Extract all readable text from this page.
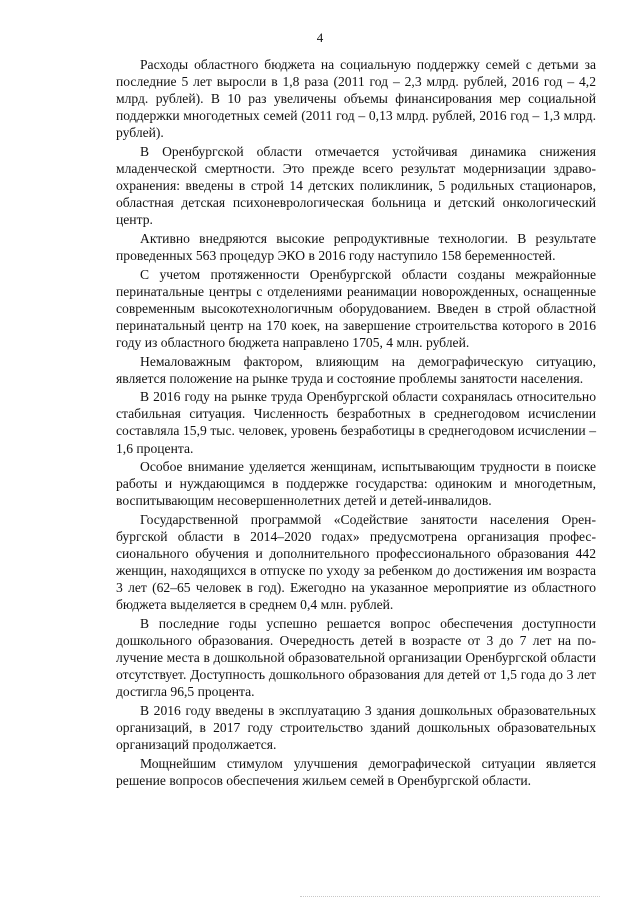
4

Расходы областного бюджета на социальную поддержку семей с детьми за последние 5 лет выросли в 1,8 раза (2011 год – 2,3 млрд. рублей, 2016 год – 4,2 млрд. рублей). В 10 раз увеличены объемы финансирования мер социальной поддержки многодетных семей (2011 год – 0,13 млрд. рублей, 2016 год – 1,3 млрд. рублей).

В Оренбургской области отмечается устойчивая динамика снижения младенческой смертности. Это прежде всего результат модернизации здравоохранения: введены в строй 14 детских поликлиник, 5 родильных стационаров, областная детская психоневрологическая больница и детский онкологический центр.

Активно внедряются высокие репродуктивные технологии. В результате проведенных 563 процедур ЭКО в 2016 году наступило 158 беременностей.

С учетом протяженности Оренбургской области созданы межрайонные перинатальные центры с отделениями реанимации новорожденных, оснащенные современным высокотехнологичным оборудованием. Введен в строй областной перинатальный центр на 170 коек, на завершение строительства которого в 2016 году из областного бюджета направлено 1705, 4 млн. рублей.

Немаловажным фактором, влияющим на демографическую ситуацию, является положение на рынке труда и состояние проблемы занятости населения.

В 2016 году на рынке труда Оренбургской области сохранялась относительно стабильная ситуация. Численность безработных в среднегодовом исчислении составляла 15,9 тыс. человек, уровень безработицы в среднегодовом исчислении – 1,6 процента.

Особое внимание уделяется женщинам, испытывающим трудности в поиске работы и нуждающимся в поддержке государства: одиноким и многодетным, воспитывающим несовершеннолетних детей и детей-инвалидов.

Государственной программой «Содействие занятости населения Оренбургской области в 2014–2020 годах» предусмотрена организация профессионального обучения и дополнительного профессионального образования 442 женщин, находящихся в отпуске по уходу за ребенком до достижения им возраста 3 лет (62–65 человек в год). Ежегодно на указанное мероприятие из областного бюджета выделяется в среднем 0,4 млн. рублей.

В последние годы успешно решается вопрос обеспечения доступности дошкольного образования. Очередность детей в возрасте от 3 до 7 лет на получение места в дошкольной образовательной организации Оренбургской области отсутствует. Доступность дошкольного образования для детей от 1,5 года до 3 лет достигла 96,5 процента.

В 2016 году введены в эксплуатацию 3 здания дошкольных образовательных организаций, в 2017 году строительство зданий дошкольных образовательных организаций продолжается.

Мощнейшим стимулом улучшения демографической ситуации является решение вопросов обеспечения жильем семей в Оренбургской области.
